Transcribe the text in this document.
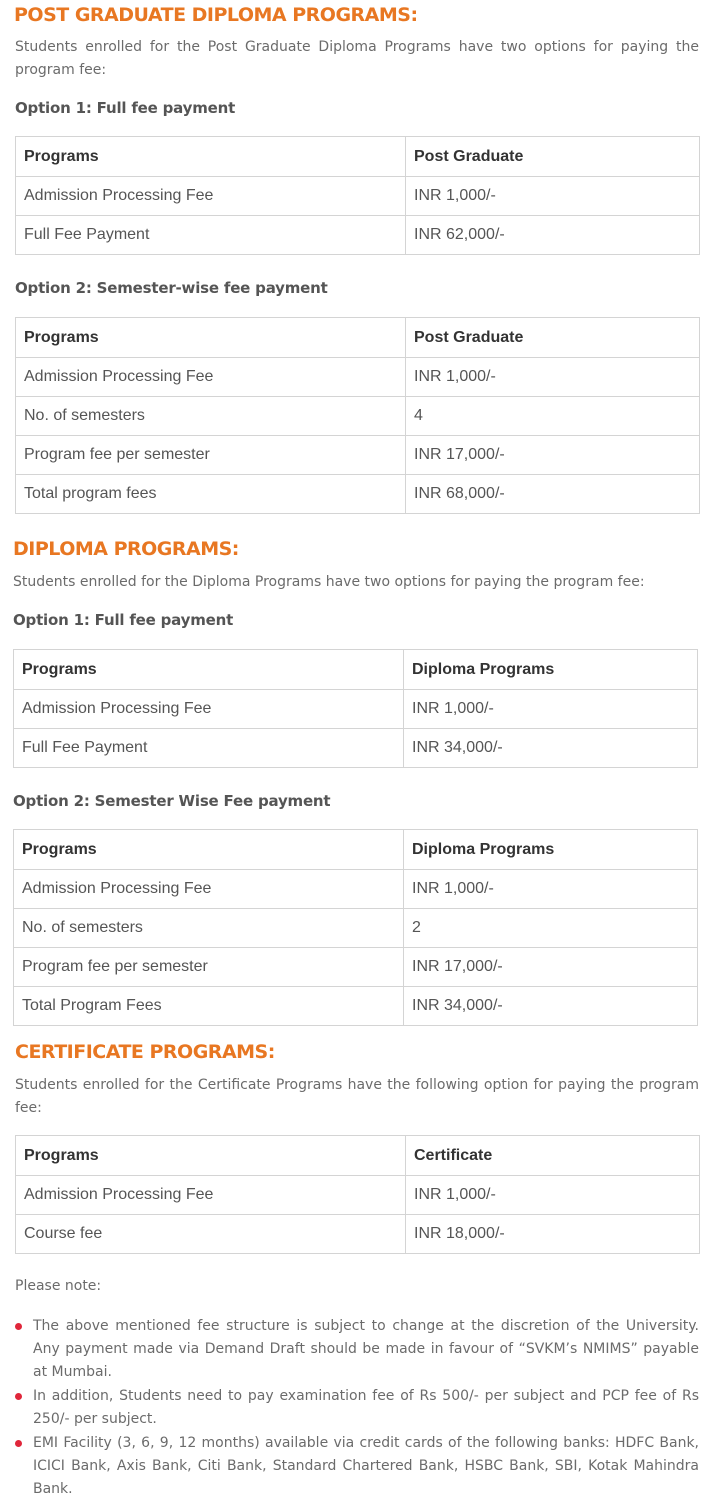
POST GRADUATE DIPLOMA PROGRAMS:

Students enrolled for the Post Graduate Diploma Programs have two options for paying the program fee:

Option 1: Full fee payment
Programs	Post Graduate
Admission Processing Fee	INR 1,000/-
Full Fee Payment	INR 62,000/-
Option 2: Semester-wise fee payment
Programs	Post Graduate
Admission Processing Fee	INR 1,000/-
No. of semesters	4
Program fee per semester	INR 17,000/-
Total program fees	INR 68,000/-
DIPLOMA PROGRAMS:

Students enrolled for the Diploma Programs have two options for paying the program fee:

Option 1: Full fee payment
Programs	Diploma Programs
Admission Processing Fee	INR 1,000/-
Full Fee Payment	INR 34,000/-
Option 2: Semester Wise Fee payment
Programs	Diploma Programs
Admission Processing Fee	INR 1,000/-
No. of semesters	2
Program fee per semester	INR 17,000/-
Total Program Fees	INR 34,000/-
CERTIFICATE PROGRAMS:

Students enrolled for the Certificate Programs have the following option for paying the program fee:

Programs	Certificate
Admission Processing Fee	INR 1,000/-
Course fee	INR 18,000/-

Please note:

The above mentioned fee structure is subject to change at the discretion of the University. Any payment made via Demand Draft should be made in favour of “SVKM’s NMIMS” payable at Mumbai.
In addition, Students need to pay examination fee of Rs 500/- per subject and PCP fee of Rs 250/- per subject.
EMI Facility (3, 6, 9, 12 months) available via credit cards of the following banks: HDFC Bank, ICICI Bank, Axis Bank, Citi Bank, Standard Chartered Bank, HSBC Bank, SBI, Kotak Mahindra Bank.
